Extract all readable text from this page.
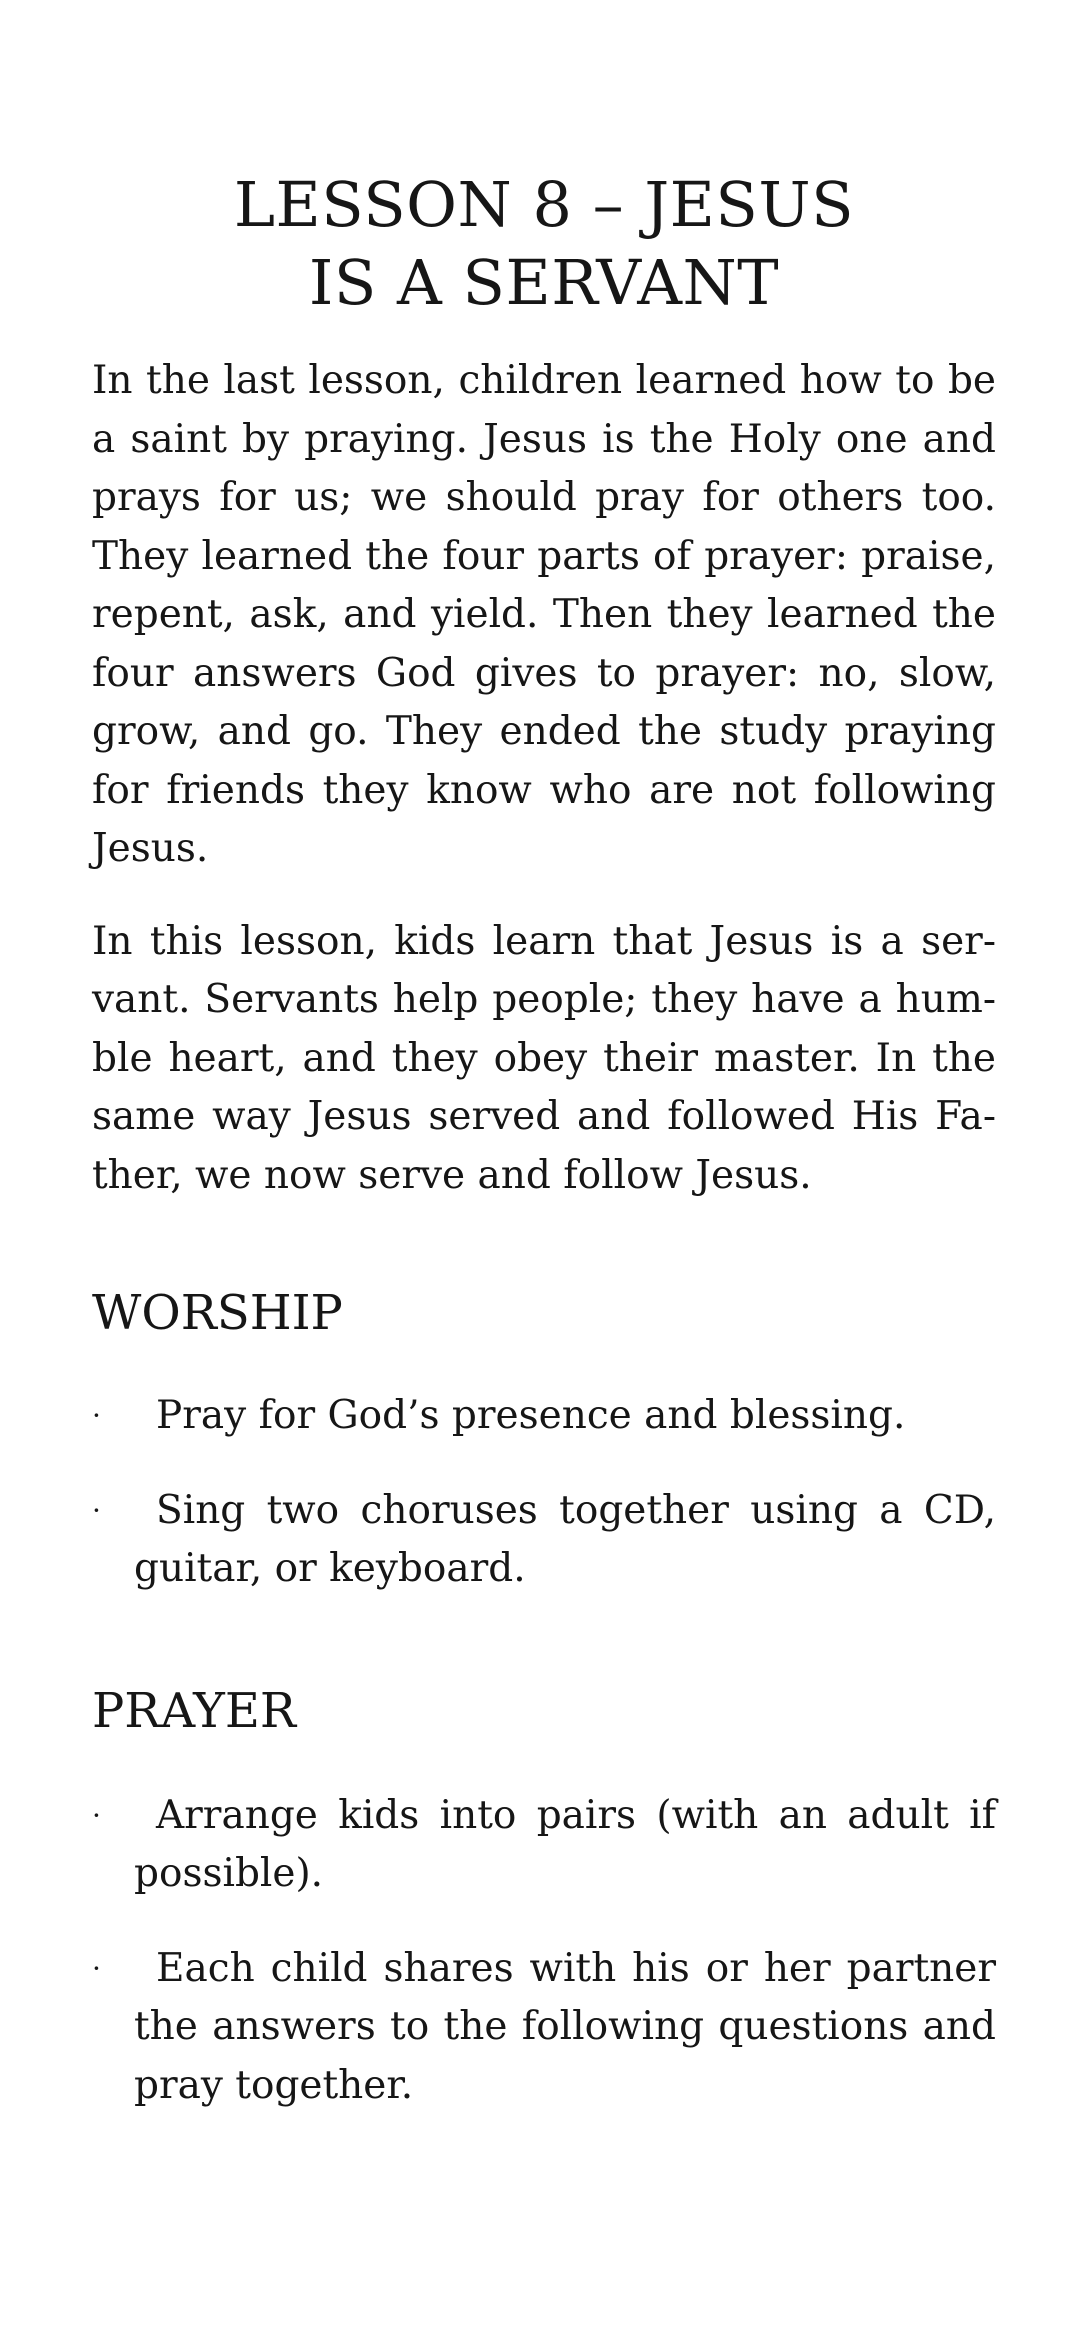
LESSON 8 – JESUS
IS A SERVANT

In the last lesson, children learned how to be a saint by praying. Jesus is the Holy one and prays for us; we should pray for others too. They learned the four parts of prayer: praise, repent, ask, and yield. Then they learned the four answers God gives to prayer: no, slow, grow, and go. They ended the study praying for friends they know who are not following Jesus.

In this lesson, kids learn that Jesus is a servant. Servants help people; they have a humble heart, and they obey their master. In the same way Jesus served and followed His Father, we now serve and follow Jesus.

WORSHIP
· Pray for God’s presence and blessing.
· Sing two choruses together using a CD, guitar, or keyboard.
PRAYER
· Arrange kids into pairs (with an adult if possible).
· Each child shares with his or her partner the answers to the following questions and pray together.
